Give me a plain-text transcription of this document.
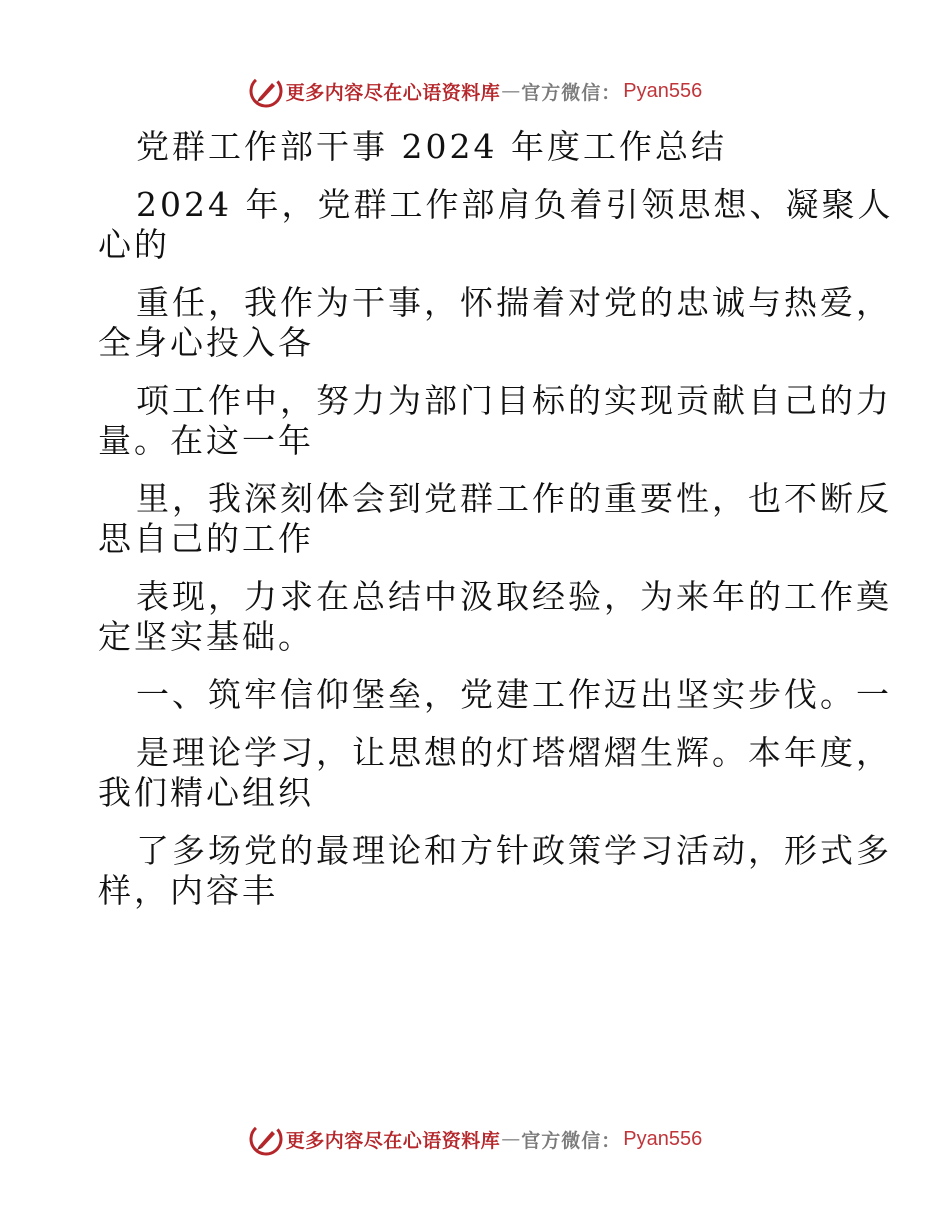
更多内容尽在心语资料库 — 官方微信： Pyan556
党群工作部干事 2024 年度工作总结
2024 年，党群工作部肩负着引领思想、凝聚人
心的
重任，我作为干事，怀揣着对党的忠诚与热爱，
全身心投入各
项工作中，努力为部门目标的实现贡献自己的力
量。在这一年
里，我深刻体会到党群工作的重要性，也不断反
思自己的工作
表现，力求在总结中汲取经验，为来年的工作奠
定坚实基础。
一、筑牢信仰堡垒，党建工作迈出坚实步伐。一
是理论学习，让思想的灯塔熠熠生辉。本年度，
我们精心组织
了多场党的最理论和方针政策学习活动，形式多
样，内容丰
更多内容尽在心语资料库 — 官方微信： Pyan556
